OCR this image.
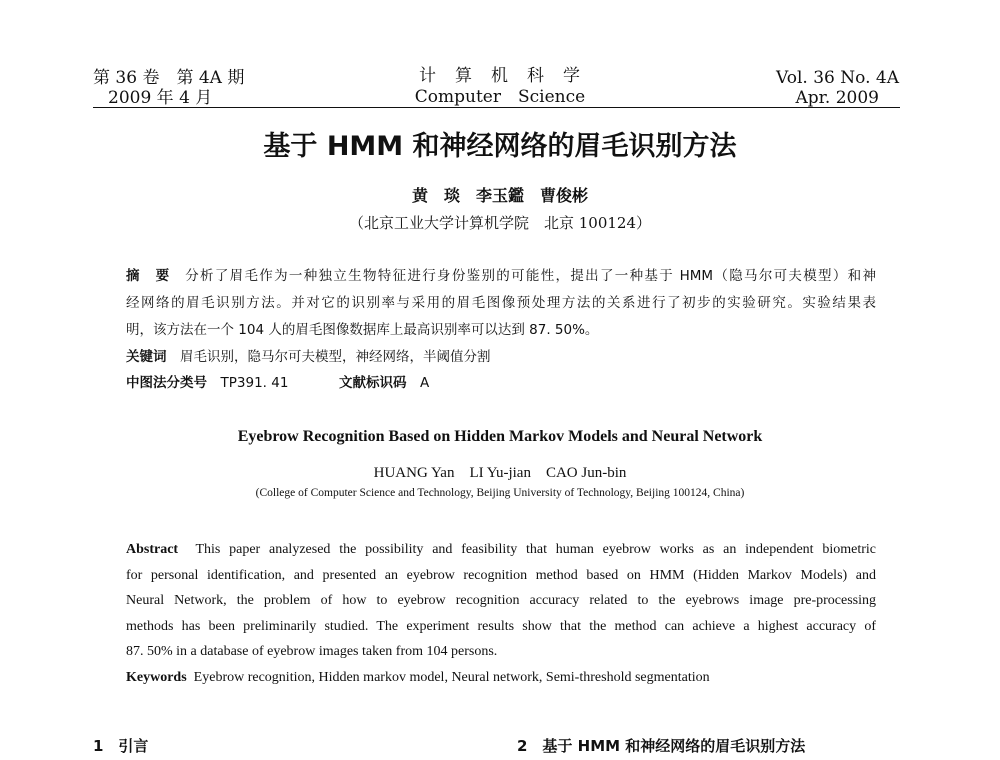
第 36 卷　第 4A 期
2009 年 4 月
计　算　机　科　学
Computer　Science
Vol. 36 No. 4A
Apr. 2009
基于 HMM 和神经网络的眉毛识别方法
黄　琰　李玉鑑　曹俊彬
（北京工业大学计算机学院　北京 100124）
摘　要　 分析了眉毛作为一种独立生物特征进行身份鉴别的可能性，提出了一种基于 HMM（隐马尔可夫模型）和神
经网络的眉毛识别方法。并对它的识别率与采用的眉毛图像预处理方法的关系进行了初步的实验研究。实验结果表
明，该方法在一个 104 人的眉毛图像数据库上最高识别率可以达到 87. 50%。
关键词　 眉毛识别，隐马尔可夫模型，神经网络，半阈值分割
中图法分类号　 TP391. 41	文献标识码　 A
Eyebrow Recognition Based on Hidden Markov Models and Neural Network
HUANG Yan　LI Yu-jian　CAO Jun-bin
(College of Computer Science and Technology, Beijing University of Technology, Beijing 100124, China)
Abstract This paper analyzesed the possibility and feasibility that human eyebrow works as an independent biometric
for personal identification, and presented an eyebrow recognition method based on HMM (Hidden Markov Models) and
Neural Network, the problem of how to eyebrow recognition accuracy related to the eyebrows image pre-processing
methods has been preliminarily studied. The experiment results show that the method can achieve a highest accuracy of
87. 50% in a database of eyebrow images taken from 104 persons.
Keywords Eyebrow recognition, Hidden markov model, Neural network, Semi-threshold segmentation
1　引言	2　基于 HMM 和神经网络的眉毛识别方法
